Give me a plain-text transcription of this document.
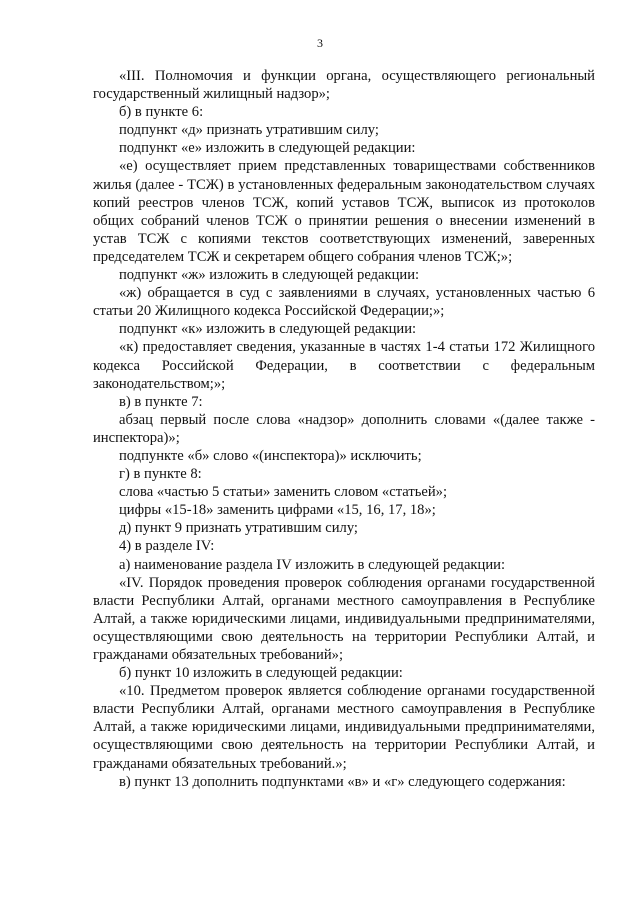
3

«III. Полномочия и функции органа, осуществляющего региональный государственный жилищный надзор»;

б) в пункте 6:

подпункт «д» признать утратившим силу;

подпункт «е» изложить в следующей редакции:

«е) осуществляет прием представленных товариществами собственников жилья (далее - ТСЖ) в установленных федеральным законодательством случаях копий реестров членов ТСЖ, копий уставов ТСЖ, выписок из протоколов общих собраний членов ТСЖ о принятии решения о внесении изменений в устав ТСЖ с копиями текстов соответствующих изменений, заверенных председателем ТСЖ и секретарем общего собрания членов ТСЖ;»;

подпункт «ж» изложить в следующей редакции:

«ж) обращается в суд с заявлениями в случаях, установленных частью 6 статьи 20 Жилищного кодекса Российской Федерации;»;

подпункт «к» изложить в следующей редакции:

«к) предоставляет сведения, указанные в частях 1-4 статьи 172 Жилищного кодекса Российской Федерации, в соответствии с федеральным законодательством;»;

в) в пункте 7:

абзац первый после слова «надзор» дополнить словами «(далее также - инспектора)»;

подпункте «б» слово «(инспектора)» исключить;

г) в пункте 8:

слова «частью 5 статьи» заменить словом «статьей»;

цифры «15-18» заменить цифрами «15, 16, 17, 18»;

д) пункт 9 признать утратившим силу;

4) в разделе IV:

а) наименование раздела IV изложить в следующей редакции:

«IV. Порядок проведения проверок соблюдения органами государственной власти Республики Алтай, органами местного самоуправления в Республике Алтай, а также юридическими лицами, индивидуальными предпринимателями, осуществляющими свою деятельность на территории Республики Алтай, и гражданами обязательных требований»;

б) пункт 10 изложить в следующей редакции:

«10. Предметом проверок является соблюдение органами государственной власти Республики Алтай, органами местного самоуправления в Республике Алтай, а также юридическими лицами, индивидуальными предпринимателями, осуществляющими свою деятельность на территории Республики Алтай, и гражданами обязательных требований.»;

в) пункт 13 дополнить подпунктами «в» и «г» следующего содержания:
